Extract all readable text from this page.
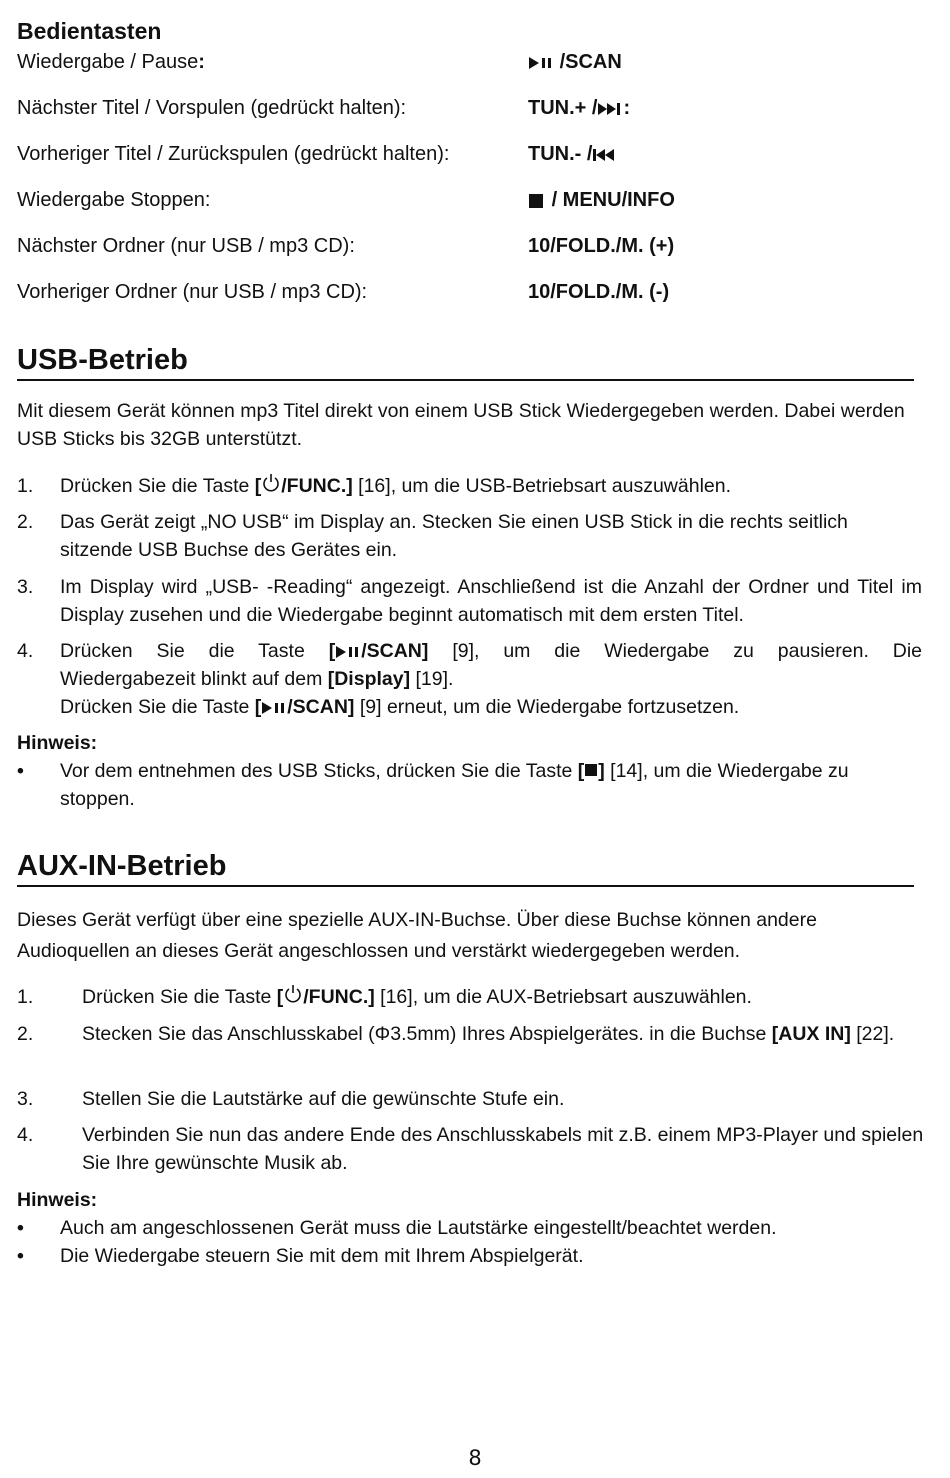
Bedientasten
Wiedergabe / Pause:	/SCAN
Nächster Titel / Vorspulen (gedrückt halten):	TUN.+ / :
Vorheriger Titel / Zurückspulen (gedrückt halten):	TUN.- /
Wiedergabe Stoppen:	/ MENU/INFO
Nächster Ordner (nur USB / mp3 CD):	10/FOLD./M. (+)
Vorheriger Ordner (nur USB / mp3 CD):	10/FOLD./M. (-)
USB-Betrieb

Mit diesem Gerät können mp3 Titel direkt von einem USB Stick Wiedergegeben werden. Dabei werden USB Sticks bis 32GB unterstützt.

1. Drücken Sie die Taste [ /FUNC.] [16], um die USB-Betriebsart auszuwählen.
2. Das Gerät zeigt „NO USB“ im Display an. Stecken Sie einen USB Stick in die rechts seitlich sitzende USB Buchse des Gerätes ein.
3. Im Display wird „USB- -Reading“ angezeigt. Anschließend ist die Anzahl der Ordner und Titel im Display zusehen und die Wiedergabe beginnt automatisch mit dem ersten Titel.
4. Drücken Sie die Taste [ /SCAN] [9], um die Wiedergabe zu pausieren. Die
Wiedergabezeit blinkt auf dem [Display] [19].
Drücken Sie die Taste [ /SCAN] [9] erneut, um die Wiedergabe fortzusetzen.
Hinweis:
• Vor dem entnehmen des USB Sticks, drücken Sie die Taste [ ] [14], um die Wiedergabe zu stoppen.
AUX-IN-Betrieb

Dieses Gerät verfügt über eine spezielle AUX-IN-Buchse. Über diese Buchse können andere Audioquellen an dieses Gerät angeschlossen und verstärkt wiedergegeben werden.

1. Drücken Sie die Taste [ /FUNC.] [16], um die AUX-Betriebsart auszuwählen.
2. Stecken Sie das Anschlusskabel (Φ3.5mm) Ihres Abspielgerätes. in die Buchse [AUX IN] [22].
3. Stellen Sie die Lautstärke auf die gewünschte Stufe ein.
4. Verbinden Sie nun das andere Ende des Anschlusskabels mit z.B. einem MP3-Player und spielen Sie Ihre gewünschte Musik ab.
Hinweis:
• Auch am angeschlossenen Gerät muss die Lautstärke eingestellt/beachtet werden.
• Die Wiedergabe steuern Sie mit dem mit Ihrem Abspielgerät.
8
